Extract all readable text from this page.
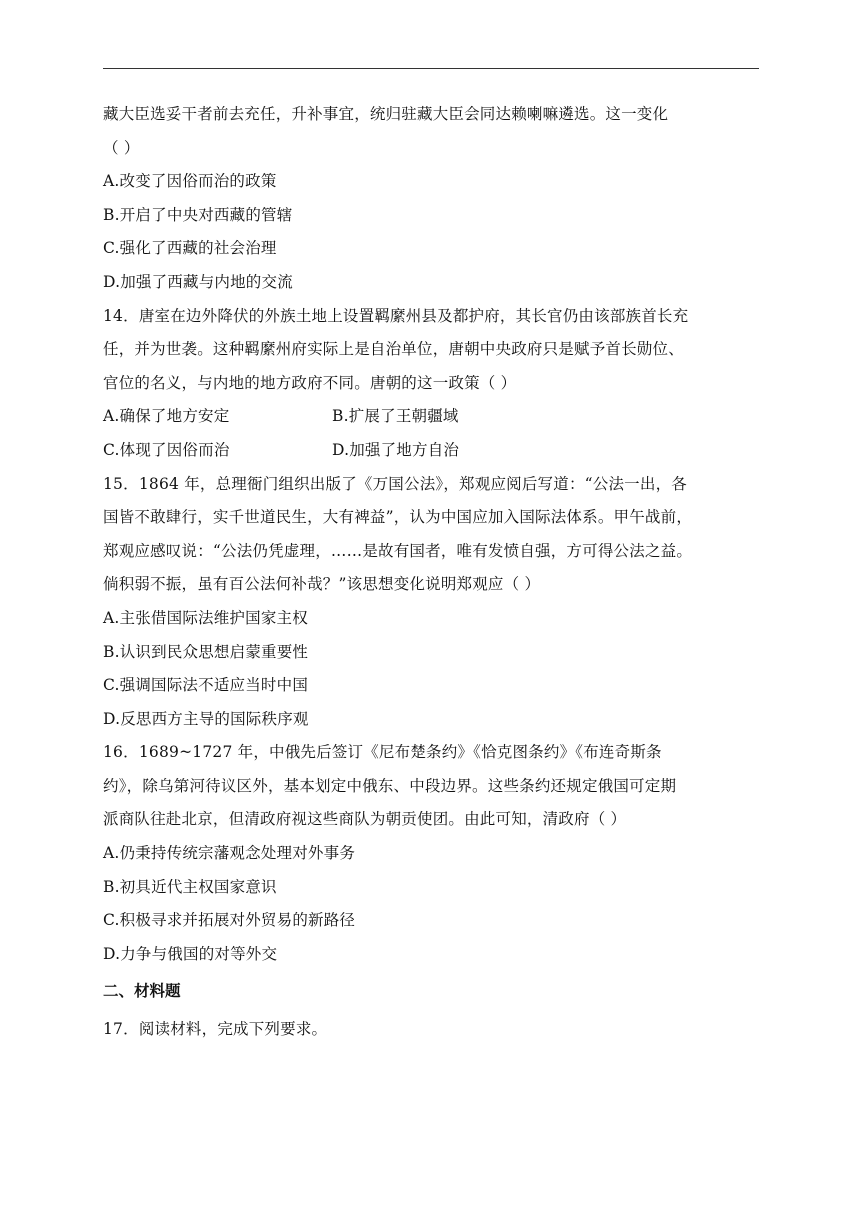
藏大臣选妥干者前去充任，升补事宜，统归驻藏大臣会同达赖喇嘛遴选。这一变化
（ ）
A.改变了因俗而治的政策
B.开启了中央对西藏的管辖
C.强化了西藏的社会治理
D.加强了西藏与内地的交流
14．唐室在边外降伏的外族土地上设置羁縻州县及都护府，其长官仍由该部族首长充
任，并为世袭。这种羁縻州府实际上是自治单位，唐朝中央政府只是赋予首长勋位、
官位的名义，与内地的地方政府不同。唐朝的这一政策（ ）
A.确保了地方安定	B.扩展了王朝疆域
C.体现了因俗而治	D.加强了地方自治
15．1864 年，总理衙门组织出版了《万国公法》，郑观应阅后写道：“公法一出，各
国皆不敢肆行，实千世道民生，大有裨益”，认为中国应加入国际法体系。甲午战前，
郑观应感叹说：“公法仍凭虚理，……是故有国者，唯有发愤自强，方可得公法之益。
倘积弱不振，虽有百公法何补哉？”该思想变化说明郑观应（ ）
A.主张借国际法维护国家主权
B.认识到民众思想启蒙重要性
C.强调国际法不适应当时中国
D.反思西方主导的国际秩序观
16．1689~1727 年，中俄先后签订《尼布楚条约》《恰克图条约》《布连奇斯条
约》，除乌第河待议区外，基本划定中俄东、中段边界。这些条约还规定俄国可定期
派商队往赴北京，但清政府视这些商队为朝贡使团。由此可知，清政府（ ）
A.仍秉持传统宗藩观念处理对外事务
B.初具近代主权国家意识
C.积极寻求并拓展对外贸易的新路径
D.力争与俄国的对等外交
二、材料题
17．阅读材料，完成下列要求。
